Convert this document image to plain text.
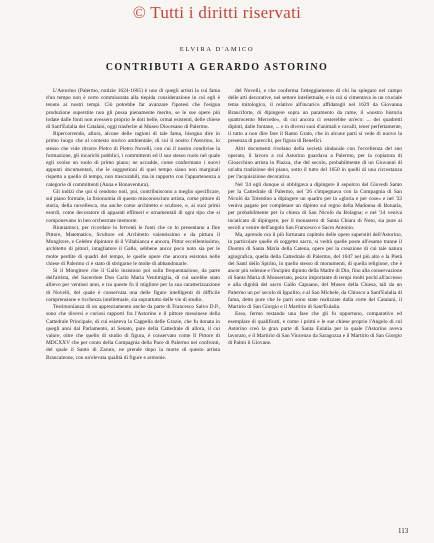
© Tutti i diritti riservati
ELVIRA D'AMICO
CONTRIBUTI A GERARDO ASTORINO

L'Astorino (Palermo, notizie 1624-1665) è uno di quegli artisti la cui fama d'un tempo non è certo commisurata alla tiepida considerazione in cui egli è tenuto ai nostri tempi. Ciò potrebbe far avanzare l'ipotesi che l'esigua produzione superstite non gli possa pienamente merito, se le sue opere più lodate dalle fonti non avessero proprio le doti belle, ormai esistenti, delle chiese di Sant'Eulalia dei Catalani, oggi trasferite al Museo Diocesano di Palermo.

Ripercorrendo, allora, alcune delle ragioni di tale fama, bisogna dire in primo luogo che al contesto storico ambientale, di cui il nostro l'Astorino, lo stesso che vide ritrarre Pietro di Pietro Novelli, con cui il nostro condivise la formazione, gli incarichi pubblici, i committenti ed il suo stesso ruolo nel quale egli svolse un ruolo di primo piano; ne accadde, come confermano i nuovi appunti documentari, che le suggestioni di quel tempo siano non marginali rispetto a quello di tempo, non trascurabili, ma in rapporto con l'appartenenza a categorie di committenti (Anna e Bonaventura).

Gli indizi che qui si rendono noti, poi, contribuiscono a meglio specificare, sul piano formale, la fisionomia di questo misconosciuto artista, come pittore di storia, della novellesca, ma anche come architetto e scultore, e, ai suoi primi esordi, come decoratore di apparati effimeri e ornamentali di ogni tipo che si componevano in ben orchestrate memorie.

Riuniamoci, per ricordare lo ferventi le fonti che ce lo presentano a fine Pittore, Matematico, Scultore ed Architetto valentissimo e da pittura il Mongitore, e Celebre dipintore di il Villabianca e ancora, Pittor eccellentissimo, architetto di pittori, intagliatore il Gallo, sebbene ancor poco noto sia per le molte perdite di quadri del tempo, le quelle opere che ancora esistono nelle chiese di Palermo ci è stato di sbrigarne le molte di abbandonarle.

Si il Mongitore che il Gallo insistono poi sulla frequentazione, da parte dell'artista, del Sacerdote Don Carlo Maria Ventimiglia, di cui sarebbe stato allievo per ventisei anni, e tra queste fu il migliore per la sua caratterizzazione di Novelli, del quale è conservata una delle figure intelligenti di difficile comprensione e ricchezza intellettuale, sia soprattutto delle vie di studio.

Testimonianza di un apprezzamento anche da parte di Francesco Salvo D.P., sono che diversi e curiosi rapporti fra l'Astorino e il pittore messinese della Cattedrale Principale, di cui esisteva la Cappella delle Grazie, che fu donata in quegli anni dal Parlamento, al Senato, pure della Cattedrale di allora, il cui valore, oltre che quello di studio di figura, è conservato come Il Pittore di MDCXXV che per conto della Compagnia della Pace di Palermo nei confronti, del quale il Santo di Zaruto, ne prende dopo la morte di questo artista Brancaleone, con un'elevata qualità di figure e armonie.

del Novelli, e che conferma l'atteggiamento di chi ha spiegato nel campo delle arti decorative, nel settore intellettuale, e in cui si cimentava in un cruciale tema mitologico, il relativo all'incarico affidatogli nel 1629 da Giovanna Branciforte, di dipingere sopra un paramento da rame, il «nostro historia quattrocento Mercede», di cui ancora ci resterebbe un'eco: ... dei quadretti dipinti, dalle fontane, ... e in diversi suoi d'animali e cavalli, tener perfettamente, il tutto a non dire fare il Ramo Grato, che in alcune parti si vede di nuovo la presenza di parecchi, per figura di Benefici.

Altri documenti rivelano della società sindacale con l'eccellenza del suo operato, il lavoro a cui Astorino guardava a Palermo, per la copiatura di Gioacchino artista in Piazza, che del secolo, probabilmente di un Giovanni di un'alta tradizione del piano, sotto il tutto del 1650 in quelli di una circostanza per l'acquisizione decorativa.

Nel '24 egli dunque si obbligava a dipingere il sepolcro del Giovedì Santo per la Cattedrale di Palermo, nel '26 s'impegnava con la Compagnia di San Nicolò da Tolentino a dipingere un quadro per la «gloria e per cose» e nel '33 veniva pagato per completare un dipinto sul regno della Madonna di Bonaria, per probabilmente per la chiesa di San Nicolò da Bolagna; e nel '34 veniva incaricato di dipingere, per il monastero di Santa Chiara di Noto, sia pure ai secoli a venire dell'angolo San Francesco e Sacro Antonio.

Ma, aprendo ora il più fortunato capitolo delle opere superstiti dell'Astorino, in particolare quelle di soggetto sacro, si vedrà quelle poste all'esame tranne il Duomo di Santa Maria della Catena, opere per la creazione di cui tale natura agiografica, quella della Cattedrale di Palermo, del 1647 nel più alto e la Pietà dei Santi dello Spirito, in quello stesso di monumenti, di quella religione, che è ancor più solenne e l'incipito dipinto della Madre di Dio, fino alla conservazione di Santa Maria di Monserrato, pezzo importante di tempi molti pochi all'accesso e alla dignità del sacro Gallo Capuano, del Museo della Chiesa, tali da un Palermo un po' secolo di Ippolito, e al San Michele, da Chiosco a Sant'Eulalia di fama, detto pure che le parti sono state realizzate dalla corte dei Catalani, il Martirio di San Giorgio e il Martirio di Sant'Eulalia.

Esso, fermo restando una fase che gli fu opportuno, comparativo ed esemplare di qualificati, e come i primi e le sue chiese proprio l'Angelo di cui Astorino creò la gran parte di Santa Eulalia per la quale l'Astorino aveva lavorato, e il Martirio di San Vincenzo da Saragozza e il Martirio di San Giorgio di Palmi il Giovane.

113
